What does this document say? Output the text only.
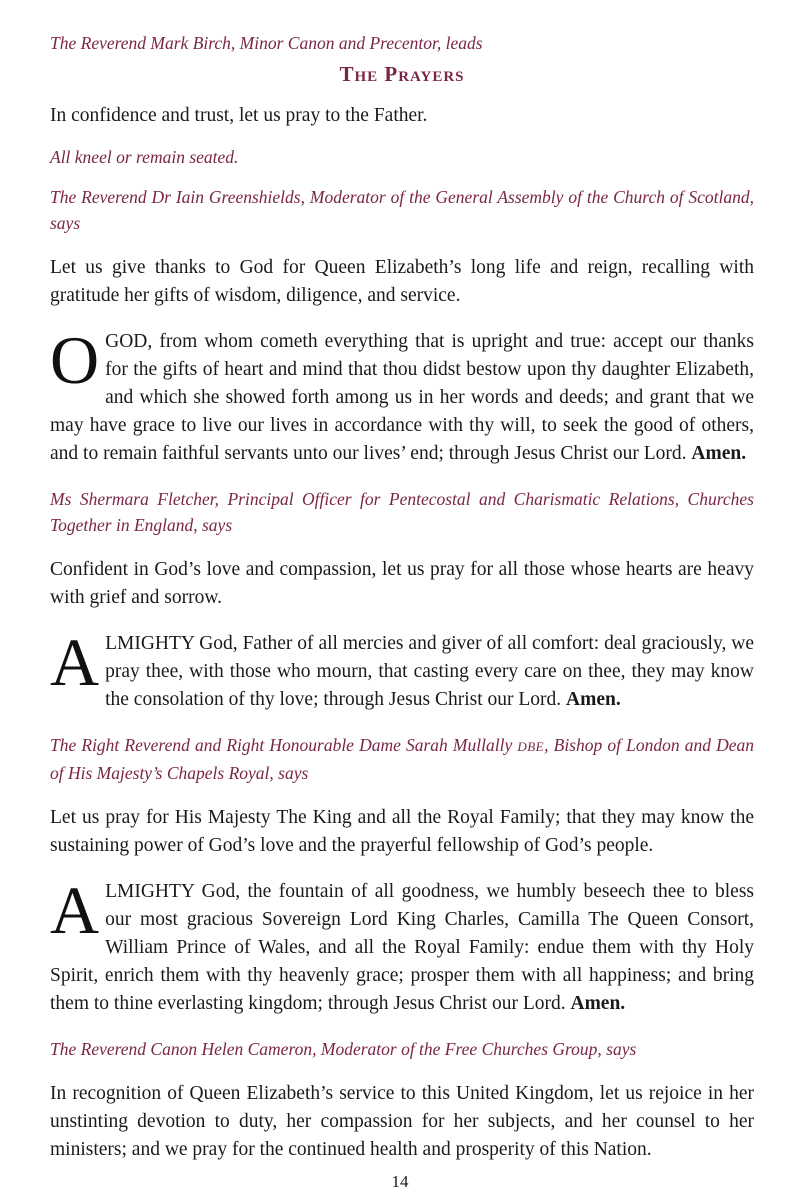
The Reverend Mark Birch, Minor Canon and Precentor, leads

The Prayers

In confidence and trust, let us pray to the Father.

All kneel or remain seated.

The Reverend Dr Iain Greenshields, Moderator of the General Assembly of the Church of Scotland, says

Let us give thanks to God for Queen Elizabeth’s long life and reign, recalling with gratitude her gifts of wisdom, diligence, and service.

OGOD, from whom cometh everything that is upright and true: accept our thanks for the gifts of heart and mind that thou didst bestow upon thy daughter Elizabeth, and which she showed forth among us in her words and deeds; and grant that we may have grace to live our lives in accordance with thy will, to seek the good of others, and to remain faithful servants unto our lives’ end; through Jesus Christ our Lord. Amen.

Ms Shermara Fletcher, Principal Officer for Pentecostal and Charismatic Relations, Churches Together in England, says

Confident in God’s love and compassion, let us pray for all those whose hearts are heavy with grief and sorrow.

ALMIGHTY God, Father of all mercies and giver of all comfort: deal graciously, we pray thee, with those who mourn, that casting every care on thee, they may know the consolation of thy love; through Jesus Christ our Lord. Amen.

The Right Reverend and Right Honourable Dame Sarah Mullally DBE, Bishop of London and Dean of His Majesty’s Chapels Royal, says

Let us pray for His Majesty The King and all the Royal Family; that they may know the sustaining power of God’s love and the prayerful fellowship of God’s people.

ALMIGHTY God, the fountain of all goodness, we humbly beseech thee to bless our most gracious Sovereign Lord King Charles, Camilla The Queen Consort, William Prince of Wales, and all the Royal Family: endue them with thy Holy Spirit, enrich them with thy heavenly grace; prosper them with all happiness; and bring them to thine everlasting kingdom; through Jesus Christ our Lord. Amen.

The Reverend Canon Helen Cameron, Moderator of the Free Churches Group, says

In recognition of Queen Elizabeth’s service to this United Kingdom, let us rejoice in her unstinting devotion to duty, her compassion for her subjects, and her counsel to her ministers; and we pray for the continued health and prosperity of this Nation.

14
